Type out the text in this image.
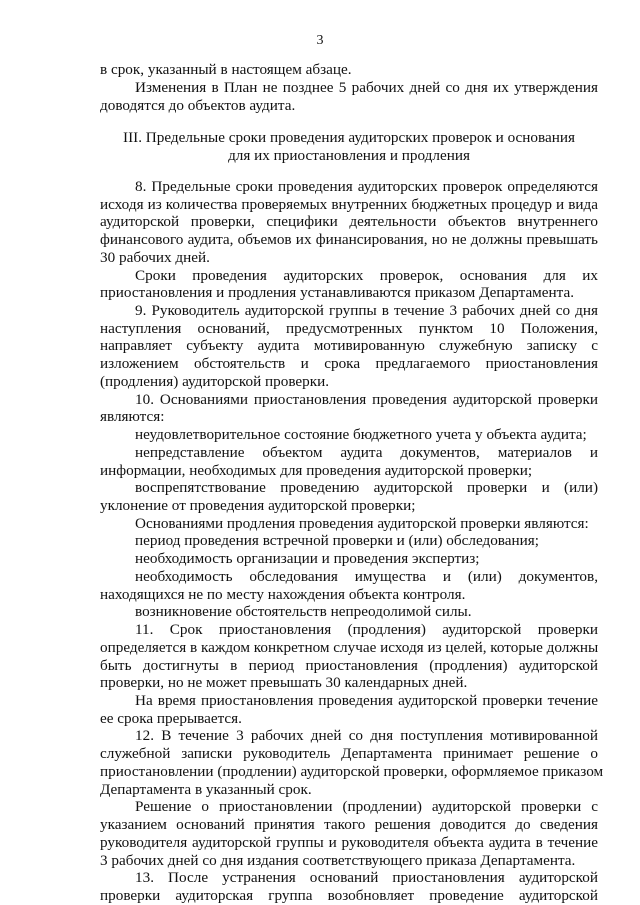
3
в срок, указанный в настоящем абзаце.
Изменения в План не позднее 5 рабочих дней со дня их утверждения
доводятся до объектов аудита.
III. Предельные сроки проведения аудиторских проверок и основания
для их приостановления и продления
8. Предельные сроки проведения аудиторских проверок определяются
исходя из количества проверяемых внутренних бюджетных процедур и вида
аудиторской проверки, специфики деятельности объектов внутреннего
финансового аудита, объемов их финансирования, но не должны превышать
30 рабочих дней.
Сроки проведения аудиторских проверок, основания для их
приостановления и продления устанавливаются приказом Департамента.
9. Руководитель аудиторской группы в течение 3 рабочих дней со дня
наступления оснований, предусмотренных пунктом 10 Положения,
направляет субъекту аудита мотивированную служебную записку с
изложением обстоятельств и срока предлагаемого приостановления
(продления) аудиторской проверки.
10. Основаниями приостановления проведения аудиторской проверки
являются:
неудовлетворительное состояние бюджетного учета у объекта аудита;
непредставление объектом аудита документов, материалов и
информации, необходимых для проведения аудиторской проверки;
воспрепятствование проведению аудиторской проверки и (или)
уклонение от проведения аудиторской проверки;
Основаниями продления проведения аудиторской проверки являются:
период проведения встречной проверки и (или) обследования;
необходимость организации и проведения экспертиз;
необходимость обследования имущества и (или) документов,
находящихся не по месту нахождения объекта контроля.
возникновение обстоятельств непреодолимой силы.
11. Срок приостановления (продления) аудиторской проверки
определяется в каждом конкретном случае исходя из целей, которые должны
быть достигнуты в период приостановления (продления) аудиторской
проверки, но не может превышать 30 календарных дней.
На время приостановления проведения аудиторской проверки течение
ее срока прерывается.
12. В течение 3 рабочих дней со дня поступления мотивированной
служебной записки руководитель Департамента принимает решение о
приостановлении (продлении) аудиторской проверки, оформляемое приказом
Департамента в указанный срок.
Решение о приостановлении (продлении) аудиторской проверки с
указанием оснований принятия такого решения доводится до сведения
руководителя аудиторской группы и руководителя объекта аудита в течение
3 рабочих дней со дня издания соответствующего приказа Департамента.
13. После устранения оснований приостановления аудиторской
проверки аудиторская группа возобновляет проведение аудиторской
